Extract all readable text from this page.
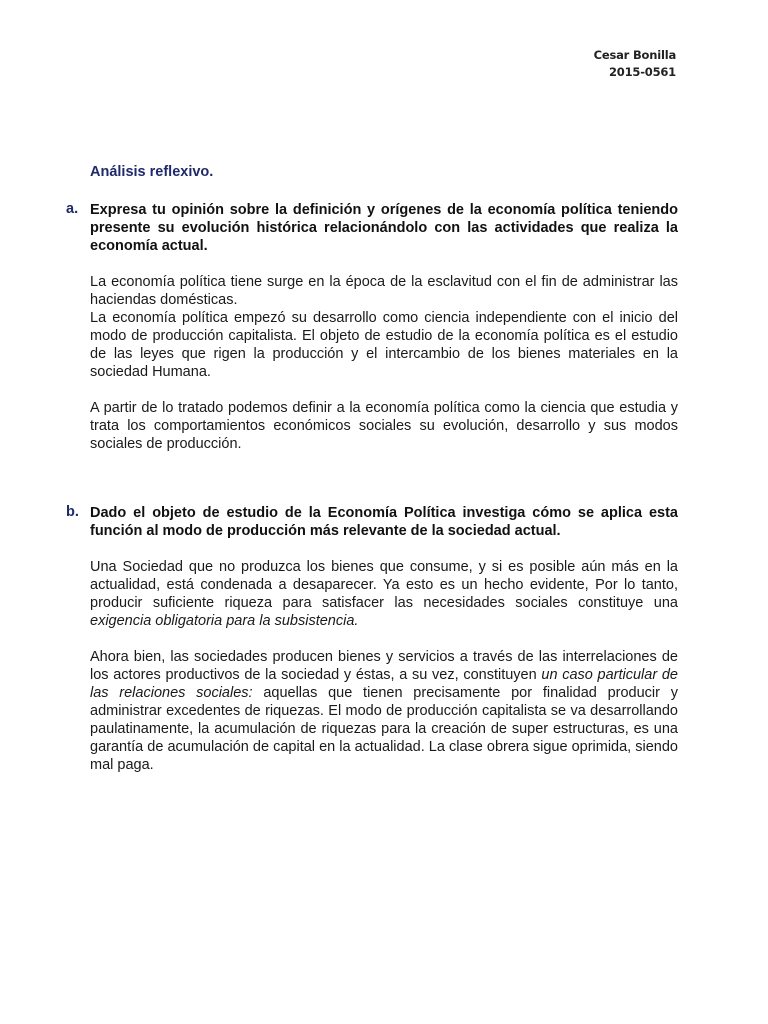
Cesar Bonilla
2015-0561
Análisis reflexivo.
a. Expresa tu opinión sobre la definición y orígenes de la economía política teniendo presente su evolución histórica relacionándolo con las actividades que realiza la economía actual.

La economía política tiene surge en la época de la esclavitud con el fin de administrar las haciendas domésticas.

La economía política empezó su desarrollo como ciencia independiente con el inicio del modo de producción capitalista. El objeto de estudio de la economía política es el estudio de las leyes que rigen la producción y el intercambio de los bienes materiales en la sociedad Humana.

A partir de lo tratado podemos definir a la economía política como la ciencia que estudia y trata los comportamientos económicos sociales su evolución, desarrollo y sus modos sociales de producción.

b. Dado el objeto de estudio de la Economía Política investiga cómo se aplica esta función al modo de producción más relevante de la sociedad actual.

Una Sociedad que no produzca los bienes que consume, y si es posible aún más en la actualidad, está condenada a desaparecer. Ya esto es un hecho evidente, Por lo tanto, producir suficiente riqueza para satisfacer las necesidades sociales constituye una exigencia obligatoria para la subsistencia.

Ahora bien, las sociedades producen bienes y servicios a través de las interrelaciones de los actores productivos de la sociedad y éstas, a su vez, constituyen un caso particular de las relaciones sociales: aquellas que tienen precisamente por finalidad producir y administrar excedentes de riquezas. El modo de producción capitalista se va desarrollando paulatinamente, la acumulación de riquezas para la creación de super estructuras, es una garantía de acumulación de capital en la actualidad. La clase obrera sigue oprimida, siendo mal paga.
